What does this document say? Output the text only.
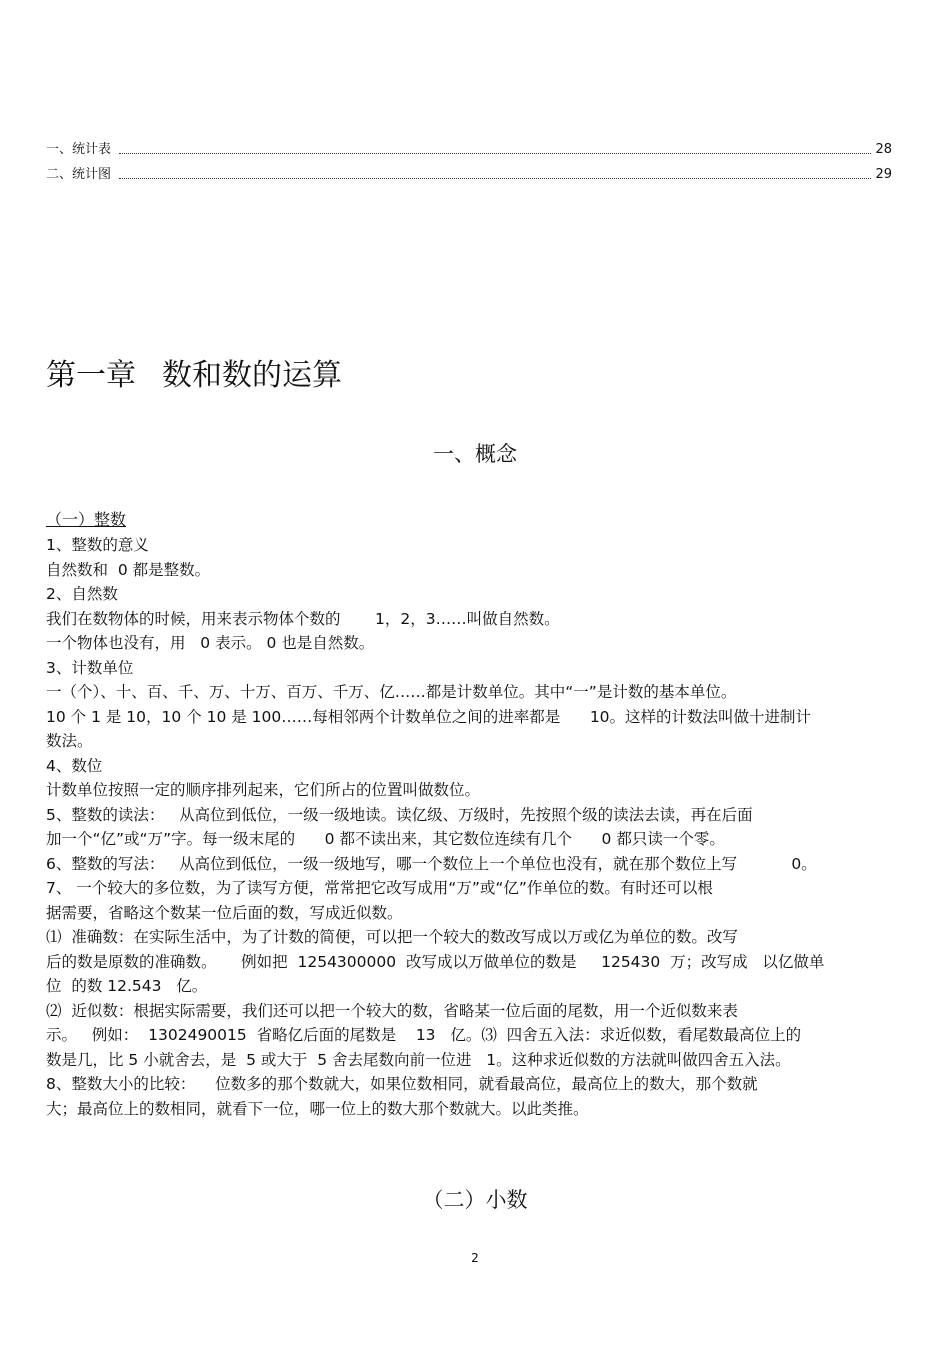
一、统计表	28
二、统计图	29
第一章 数和数的运算
一、概念
（一）整数
1、整数的意义
自然数和  0 都是整数。
2、自然数
我们在数物体的时候，用来表示物体个数的       1，2，3……叫做自然数。
一个物体也没有，用   0 表示。 0 也是自然数。
3、计数单位
一（个）、十、百、千、万、十万、百万、千万、亿……都是计数单位。其中“一”是计数的基本单位。
10 个 1 是 10，10 个 10 是 100……每相邻两个计数单位之间的进率都是      10。这样的计数法叫做十进制计
数法。
4、数位
计数单位按照一定的顺序排列起来，它们所占的位置叫做数位。
5、整数的读法：   从高位到低位，一级一级地读。读亿级、万级时，先按照个级的读法去读，再在后面
加一个“亿”或“万”字。每一级末尾的      0 都不读出来，其它数位连续有几个      0 都只读一个零。
6、整数的写法：   从高位到低位，一级一级地写，哪一个数位上一个单位也没有，就在那个数位上写           0。
7、 一个较大的多位数，为了读写方便，常常把它改写成用“万”或“亿”作单位的数。有时还可以根
据需要，省略这个数某一位后面的数，写成近似数。
⑴  准确数：在实际生活中，为了计数的简便，可以把一个较大的数改写成以万或亿为单位的数。改写
后的数是原数的准确数。     例如把  1254300000  改写成以万做单位的数是     125430  万；改写成   以亿做单
位  的数 12.543   亿。
⑵  近似数：根据实际需要，我们还可以把一个较大的数，省略某一位后面的尾数，用一个近似数来表
示。   例如：  1302490015  省略亿后面的尾数是    13   亿。⑶  四舍五入法：求近似数，看尾数最高位上的
数是几，比 5 小就舍去，是  5 或大于  5 舍去尾数向前一位进   1。这种求近似数的方法就叫做四舍五入法。
8、整数大小的比较：    位数多的那个数就大，如果位数相同，就看最高位，最高位上的数大，那个数就
大；最高位上的数相同，就看下一位，哪一位上的数大那个数就大。以此类推。
（二）小数
2
